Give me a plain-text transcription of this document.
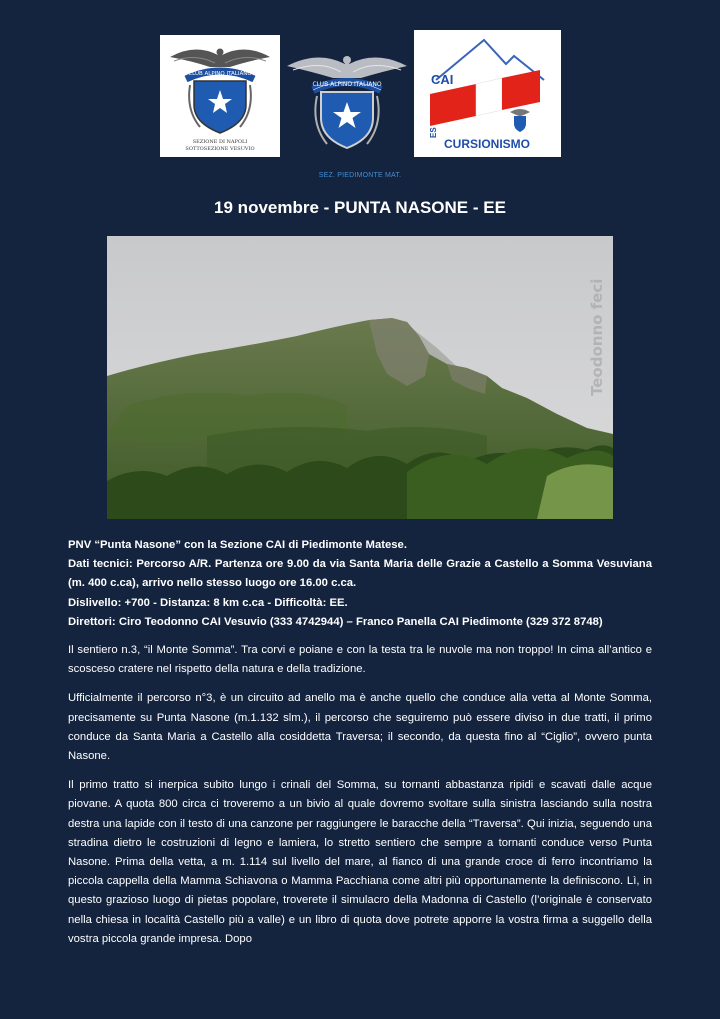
CLUB ALPINO ITALIANO
SEZIONE DI NAPOLI
SOTTOSEZIONE VESUVIO
CLUB ALPINO ITALIANO	CAI
ES
CURSIONISMO
SEZ. PIEDIMONTE MAT.
19 novembre - PUNTA NASONE - EE
Teodonno feci

PNV “Punta Nasone” con la Sezione CAI di Piedimonte Matese.

Dati tecnici: Percorso A/R. Partenza ore 9.00 da via Santa Maria delle Grazie a Castello a Somma Vesuviana (m. 400 c.ca), arrivo nello stesso luogo ore 16.00 c.ca.

Dislivello: +700 - Distanza: 8 km c.ca - Difficoltà: EE.

Direttori: Ciro Teodonno CAI Vesuvio (333 4742944) – Franco Panella CAI Piedimonte (329 372 8748)

Il sentiero n.3, “il Monte Somma”. Tra corvi e poiane e con la testa tra le nuvole ma non troppo! In cima all’antico e scosceso cratere nel rispetto della natura e della tradizione.

Ufficialmente il percorso n°3, è un circuito ad anello ma è anche quello che conduce alla vetta al Monte Somma, precisamente su Punta Nasone (m.1.132 slm.), il percorso che seguiremo può essere diviso in due tratti, il primo conduce da Santa Maria a Castello alla cosiddetta Traversa; il secondo, da questa fino al “Ciglio”, ovvero punta Nasone.

Il primo tratto si inerpica subito lungo i crinali del Somma, su tornanti abbastanza ripidi e scavati dalle acque piovane. A quota 800 circa ci troveremo a un bivio al quale dovremo svoltare sulla sinistra lasciando sulla nostra destra una lapide con il testo di una canzone per raggiungere le baracche della “Traversa”. Qui inizia, seguendo una stradina dietro le costruzioni di legno e lamiera, lo stretto sentiero che sempre a tornanti conduce verso Punta Nasone. Prima della vetta, a m. 1.114 sul livello del mare, al fianco di una grande croce di ferro incontriamo la piccola cappella della Mamma Schiavona o Mamma Pacchiana come altri più opportunamente la definiscono. Lì, in questo grazioso luogo di pietas popolare, troverete il simulacro della Madonna di Castello (l’originale è conservato nella chiesa in località Castello più a valle) e un libro di quota dove potrete apporre la vostra firma a suggello della vostra piccola grande impresa. Dopo
